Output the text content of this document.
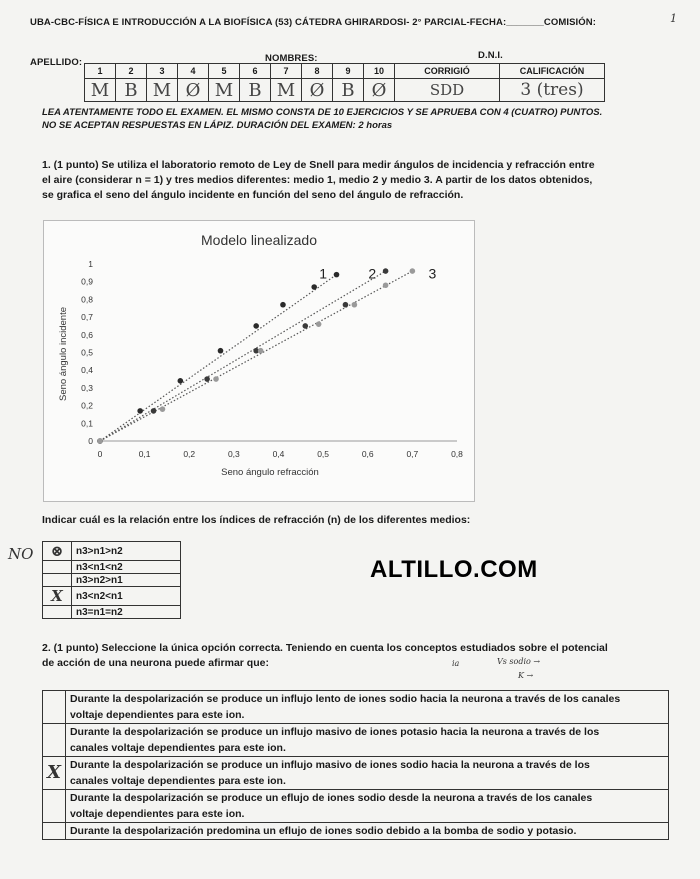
UBA-CBC-FÍSICA E INTRODUCCIÓN A LA BIOFÍSICA (53) CÁTEDRA GHIRARDOSI- 2° PARCIAL-FECHA:_______COMISIÓN:	1
APELLIDO:	NOMBRES:	D.N.I.
1	2	3	4	5	6	7	8	9	10	CORRIGIÓ	CALIFICACIÓN
M	B	M	Ø	M	B	M	Ø	B	Ø	SDD	3 (tres)
LEA ATENTAMENTE TODO EL EXAMEN. EL MISMO CONSTA DE 10 EJERCICIOS Y SE APRUEBA CON 4 (CUATRO) PUNTOS.
NO SE ACEPTAN RESPUESTAS EN LÁPIZ. DURACIÓN DEL EXAMEN: 2 horas
1. (1 punto) Se utiliza el laboratorio remoto de Ley de Snell para medir ángulos de incidencia y refracción entre
el aire (considerar n = 1) y tres medios diferentes: medio 1, medio 2 y medio 3. A partir de los datos obtenidos,
se grafica el seno del ángulo incidente en función del seno del ángulo de refracción.
Modelo linealizado
Seno ángulo refracción
Seno ángulo incidente
0	0,1	0,2	0,3	0,4	0,5	0,6	0,7	0,8
0
0,1
0,2
0,3
0,4
0,5
0,6
0,7
0,8
0,9
1
1	2	3
Indicar cuál es la relación entre los índices de refracción (n) de los diferentes medios:
NO ⊗	n3>n1>n2
	n3<n1<n2
	n3>n2>n1
X	n3<n2<n1
	n3=n1=n2
ALTILLO.COM
2. (1 punto) Seleccione la única opción correcta. Teniendo en cuenta los conceptos estudiados sobre el potencial
de acción de una neurona puede afirmar que:	ia	Vs sodio →
K →

	Durante la despolarización se produce un influjo lento de iones sodio hacia la neurona a través de los canales
voltaje dependientes para este ion.

	Durante la despolarización se produce un influjo masivo de iones potasio hacia la neurona a través de los
canales voltaje dependientes para este ion.

X	Durante la despolarización se produce un influjo masivo de iones sodio hacia la neurona a través de los
canales voltaje dependientes para este ion.

	Durante la despolarización se produce un eflujo de iones sodio desde la neurona a través de los canales
voltaje dependientes para este ion.

	Durante la despolarización predomina un eflujo de iones sodio debido a la bomba de sodio y potasio.
